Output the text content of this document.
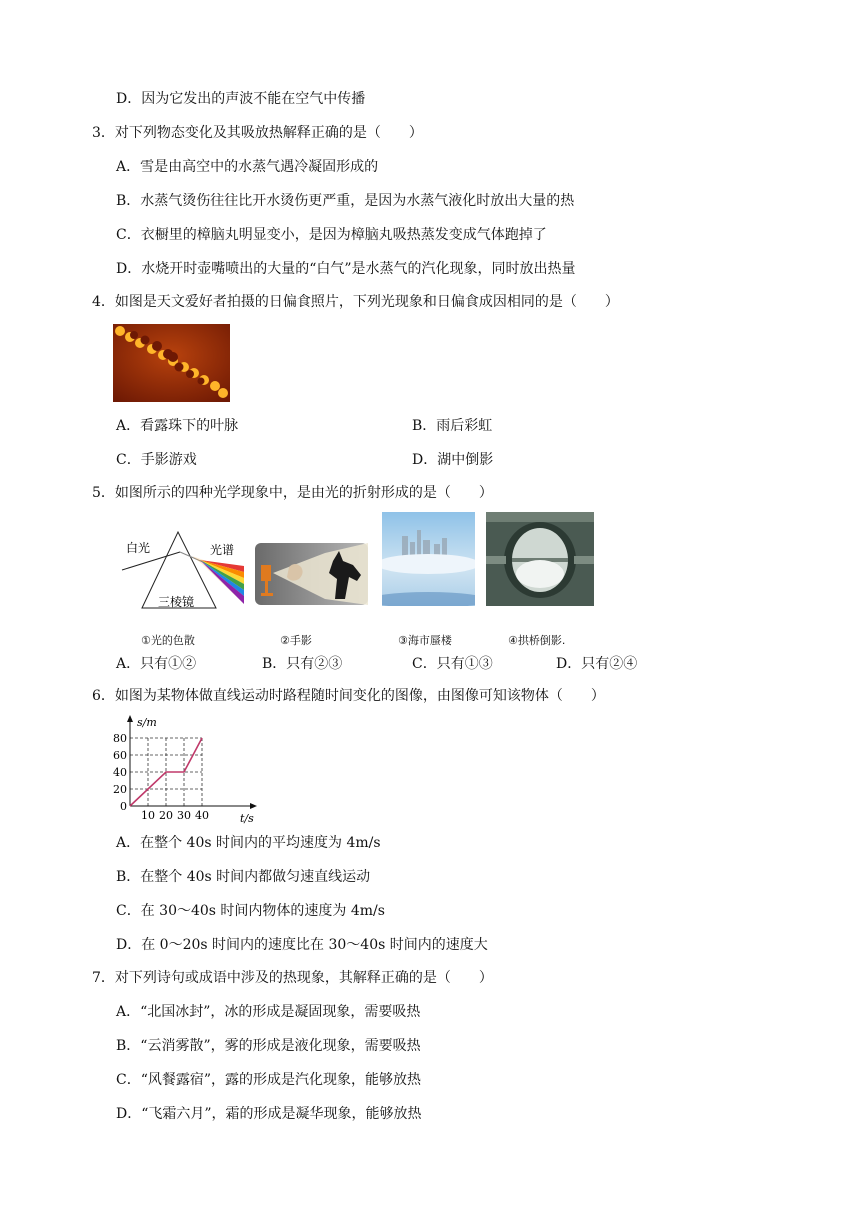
D．因为它发出的声波不能在空气中传播
3．对下列物态变化及其吸放热解释正确的是（　　）
A．雪是由高空中的水蒸气遇冷凝固形成的
B．水蒸气烫伤往往比开水烫伤更严重，是因为水蒸气液化时放出大量的热
C．衣橱里的樟脑丸明显变小，是因为樟脑丸吸热蒸发变成气体跑掉了
D．水烧开时壶嘴喷出的大量的“白气”是水蒸气的汽化现象，同时放出热量
4．如图是天文爱好者拍摄的日偏食照片，下列光现象和日偏食成因相同的是（　　）
A．看露珠下的叶脉	B．雨后彩虹
C．手影游戏	D．湖中倒影
5．如图所示的四种光学现象中，是由光的折射形成的是（　　）
白光	光谱
三棱镜
①光的色散	②手影	③海市蜃楼	④拱桥倒影.
A．只有①②	B．只有②③	C．只有①③	D．只有②④
6．如图为某物体做直线运动时路程随时间变化的图像，由图像可知该物体（　　）
10 20 30 40
0
20
40
60
80
s/m
t/s
A．在整个 40s 时间内的平均速度为 4m/s
B．在整个 40s 时间内都做匀速直线运动
C．在 30～40s 时间内物体的速度为 4m/s
D．在 0～20s 时间内的速度比在 30～40s 时间内的速度大
7．对下列诗句或成语中涉及的热现象，其解释正确的是（　　）
A．“北国冰封”，冰的形成是凝固现象，需要吸热
B．“云消雾散”，雾的形成是液化现象，需要吸热
C．“风餐露宿”，露的形成是汽化现象，能够放热
D．“飞霜六月”，霜的形成是凝华现象，能够放热
